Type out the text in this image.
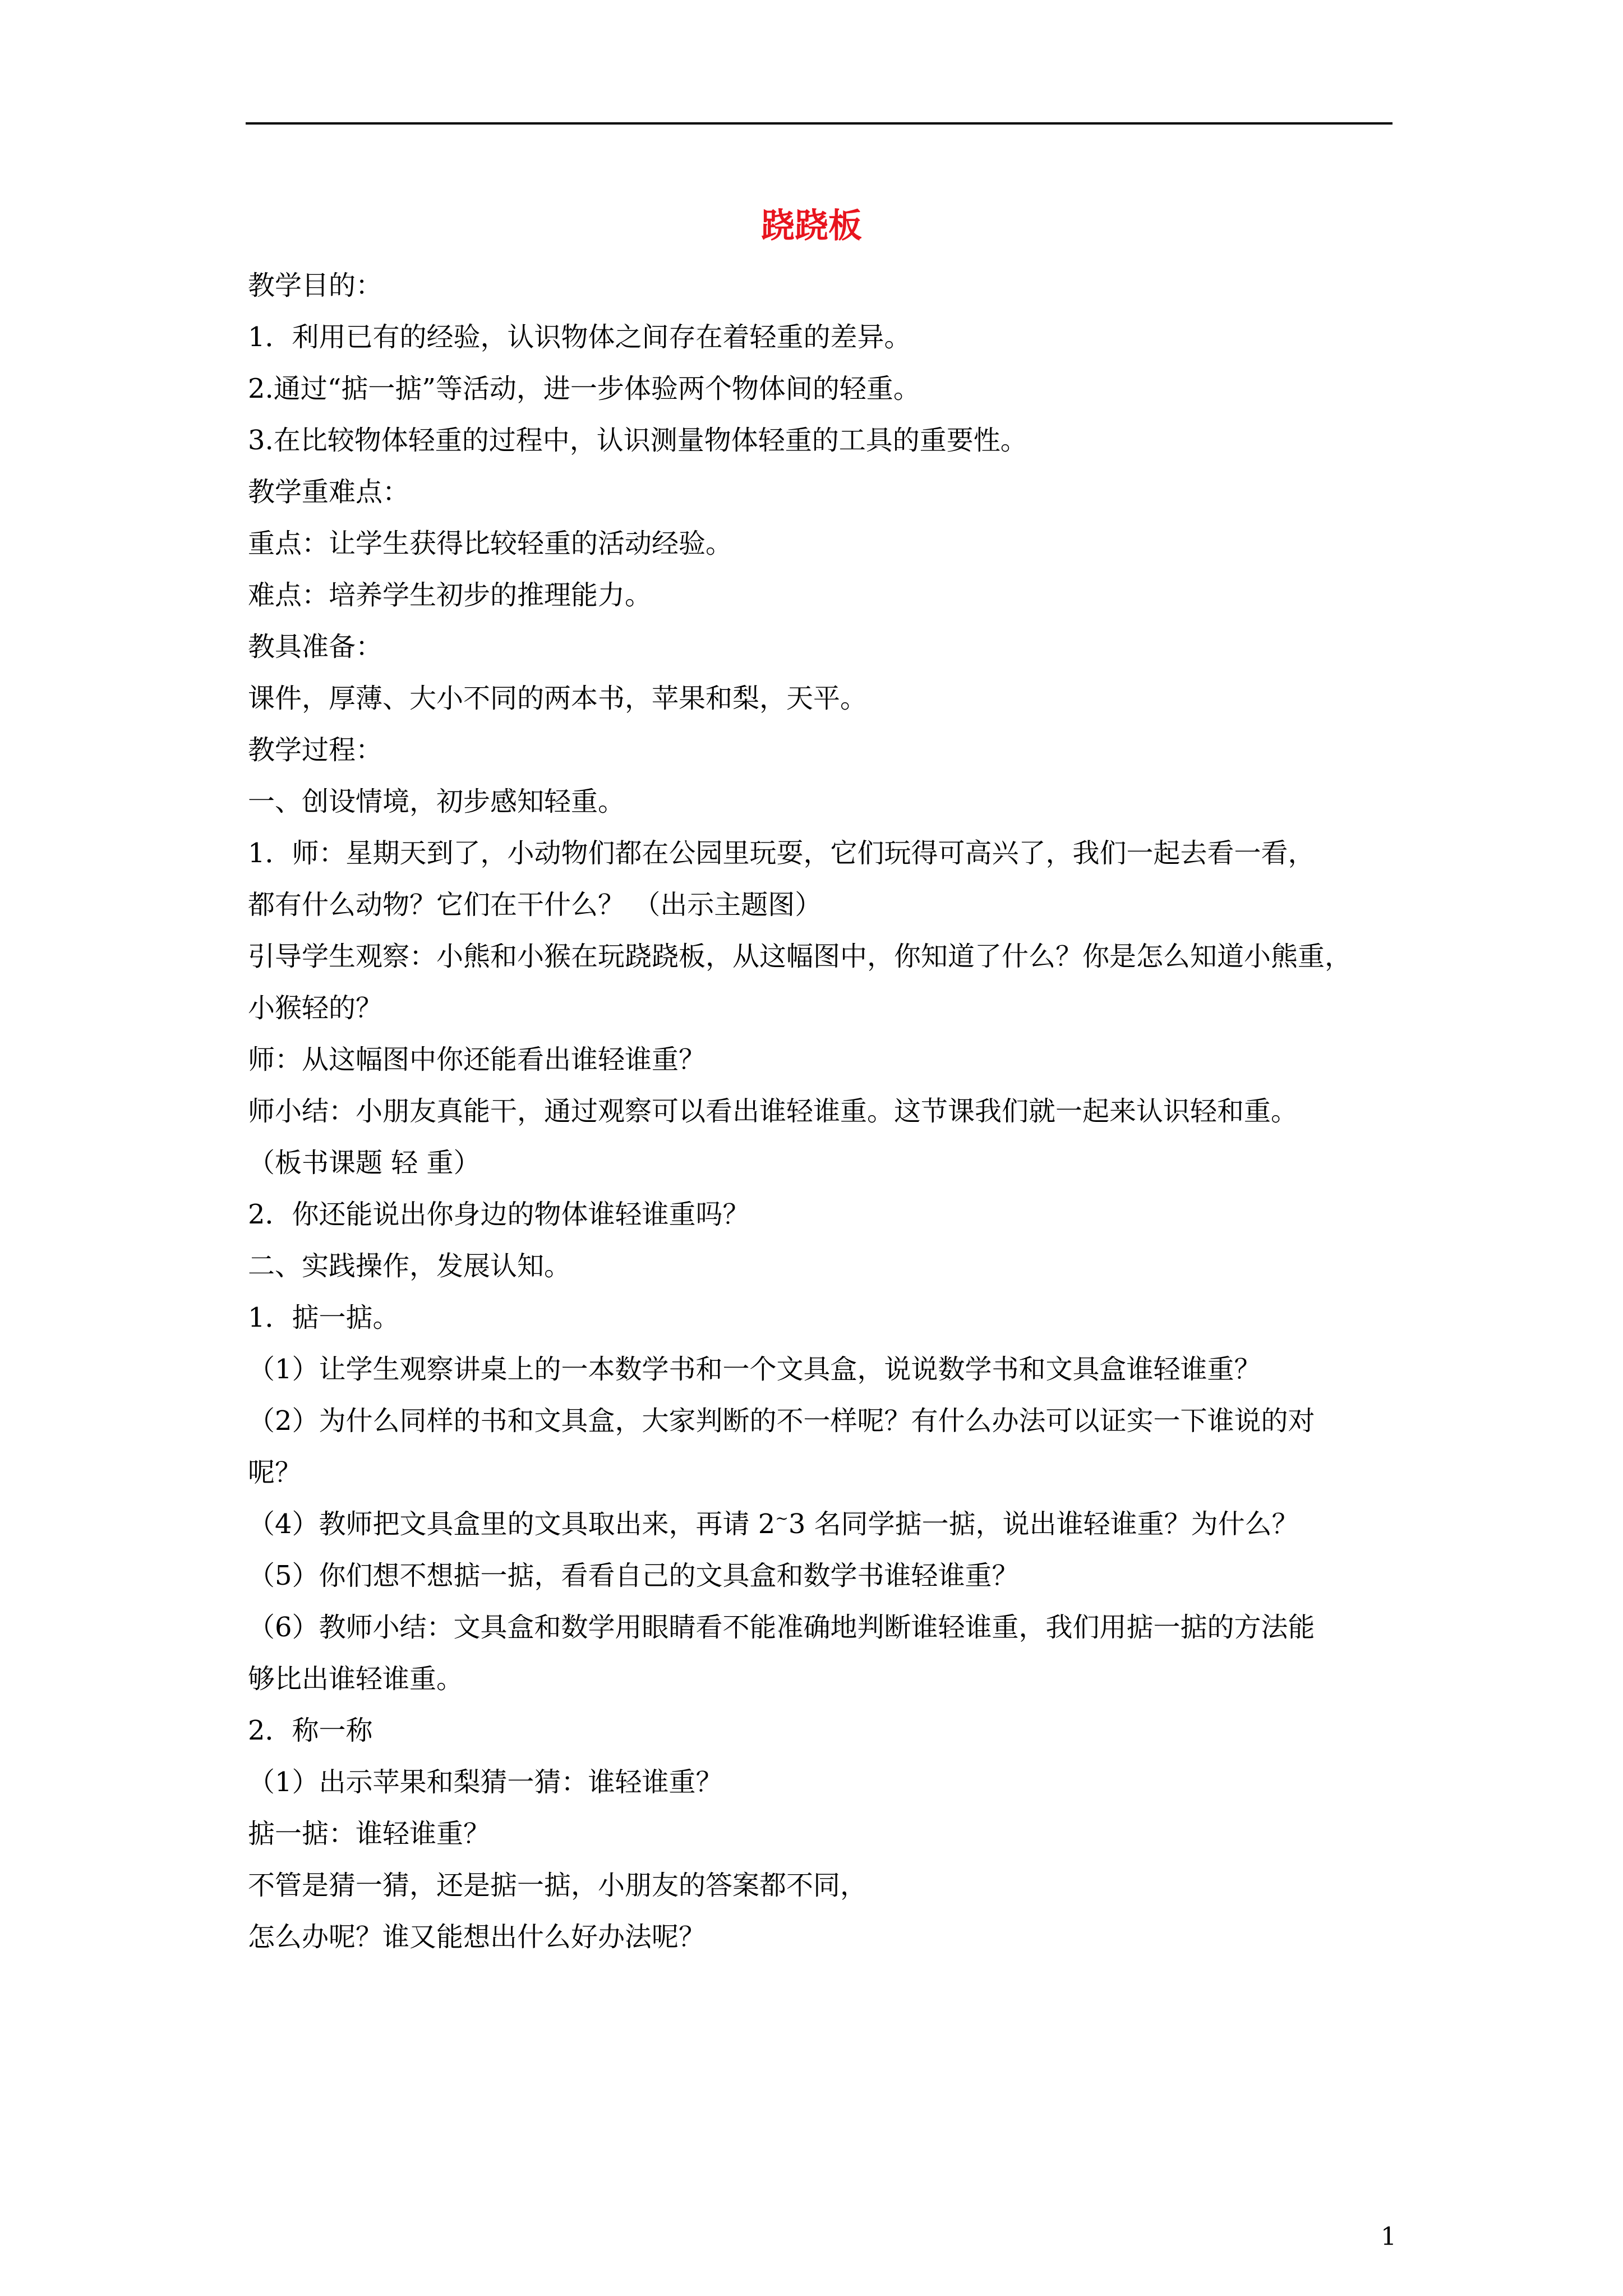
跷跷板

教学目的：

1．利用已有的经验，认识物体之间存在着轻重的差异。

2.通过“掂一掂”等活动，进一步体验两个物体间的轻重。

3.在比较物体轻重的过程中，认识测量物体轻重的工具的重要性。

教学重难点：

重点：让学生获得比较轻重的活动经验。

难点：培养学生初步的推理能力。

教具准备：

课件，厚薄、大小不同的两本书，苹果和梨，天平。

教学过程：

一、创设情境，初步感知轻重。

1．师：星期天到了，小动物们都在公园里玩耍，它们玩得可高兴了，我们一起去看一看，

都有什么动物？它们在干什么？ （出示主题图）

引导学生观察：小熊和小猴在玩跷跷板，从这幅图中，你知道了什么？你是怎么知道小熊重，

小猴轻的？

师：从这幅图中你还能看出谁轻谁重？

师小结：小朋友真能干，通过观察可以看出谁轻谁重。这节课我们就一起来认识轻和重。

（板书课题 轻 重）

2．你还能说出你身边的物体谁轻谁重吗？

二、实践操作，发展认知。

1．掂一掂。

（1）让学生观察讲桌上的一本数学书和一个文具盒，说说数学书和文具盒谁轻谁重？

（2）为什么同样的书和文具盒，大家判断的不一样呢？有什么办法可以证实一下谁说的对

呢？

（4）教师把文具盒里的文具取出来，再请 2~3 名同学掂一掂，说出谁轻谁重？为什么？

（5）你们想不想掂一掂，看看自己的文具盒和数学书谁轻谁重？

（6）教师小结：文具盒和数学用眼睛看不能准确地判断谁轻谁重，我们用掂一掂的方法能

够比出谁轻谁重。

2．称一称

（1）出示苹果和梨猜一猜：谁轻谁重？

掂一掂：谁轻谁重？

不管是猜一猜，还是掂一掂，小朋友的答案都不同，

怎么办呢？谁又能想出什么好办法呢？

1
